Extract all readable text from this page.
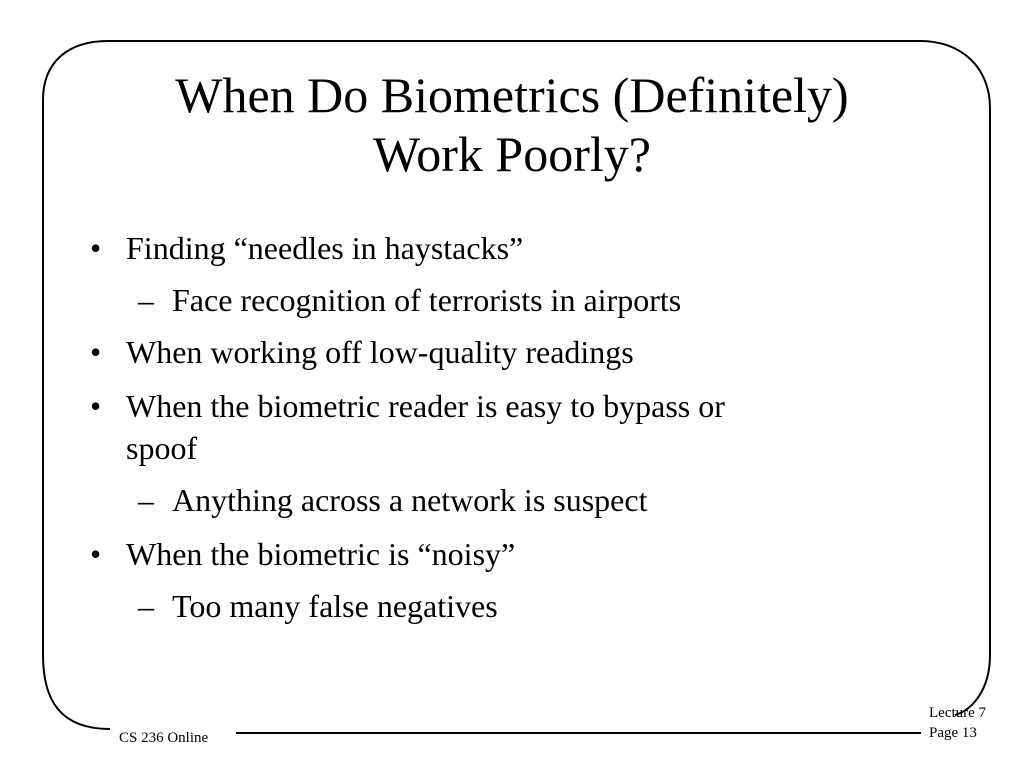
When Do Biometrics (Definitely)
Work Poorly?
• Finding “needles in haystacks”
– Face recognition of terrorists in airports
• When working off low-quality readings
• When the biometric reader is easy to bypass or
spoof
– Anything across a network is suspect
• When the biometric is “noisy”
– Too many false negatives
CS 236 Online
Lecture 7
Page 13
